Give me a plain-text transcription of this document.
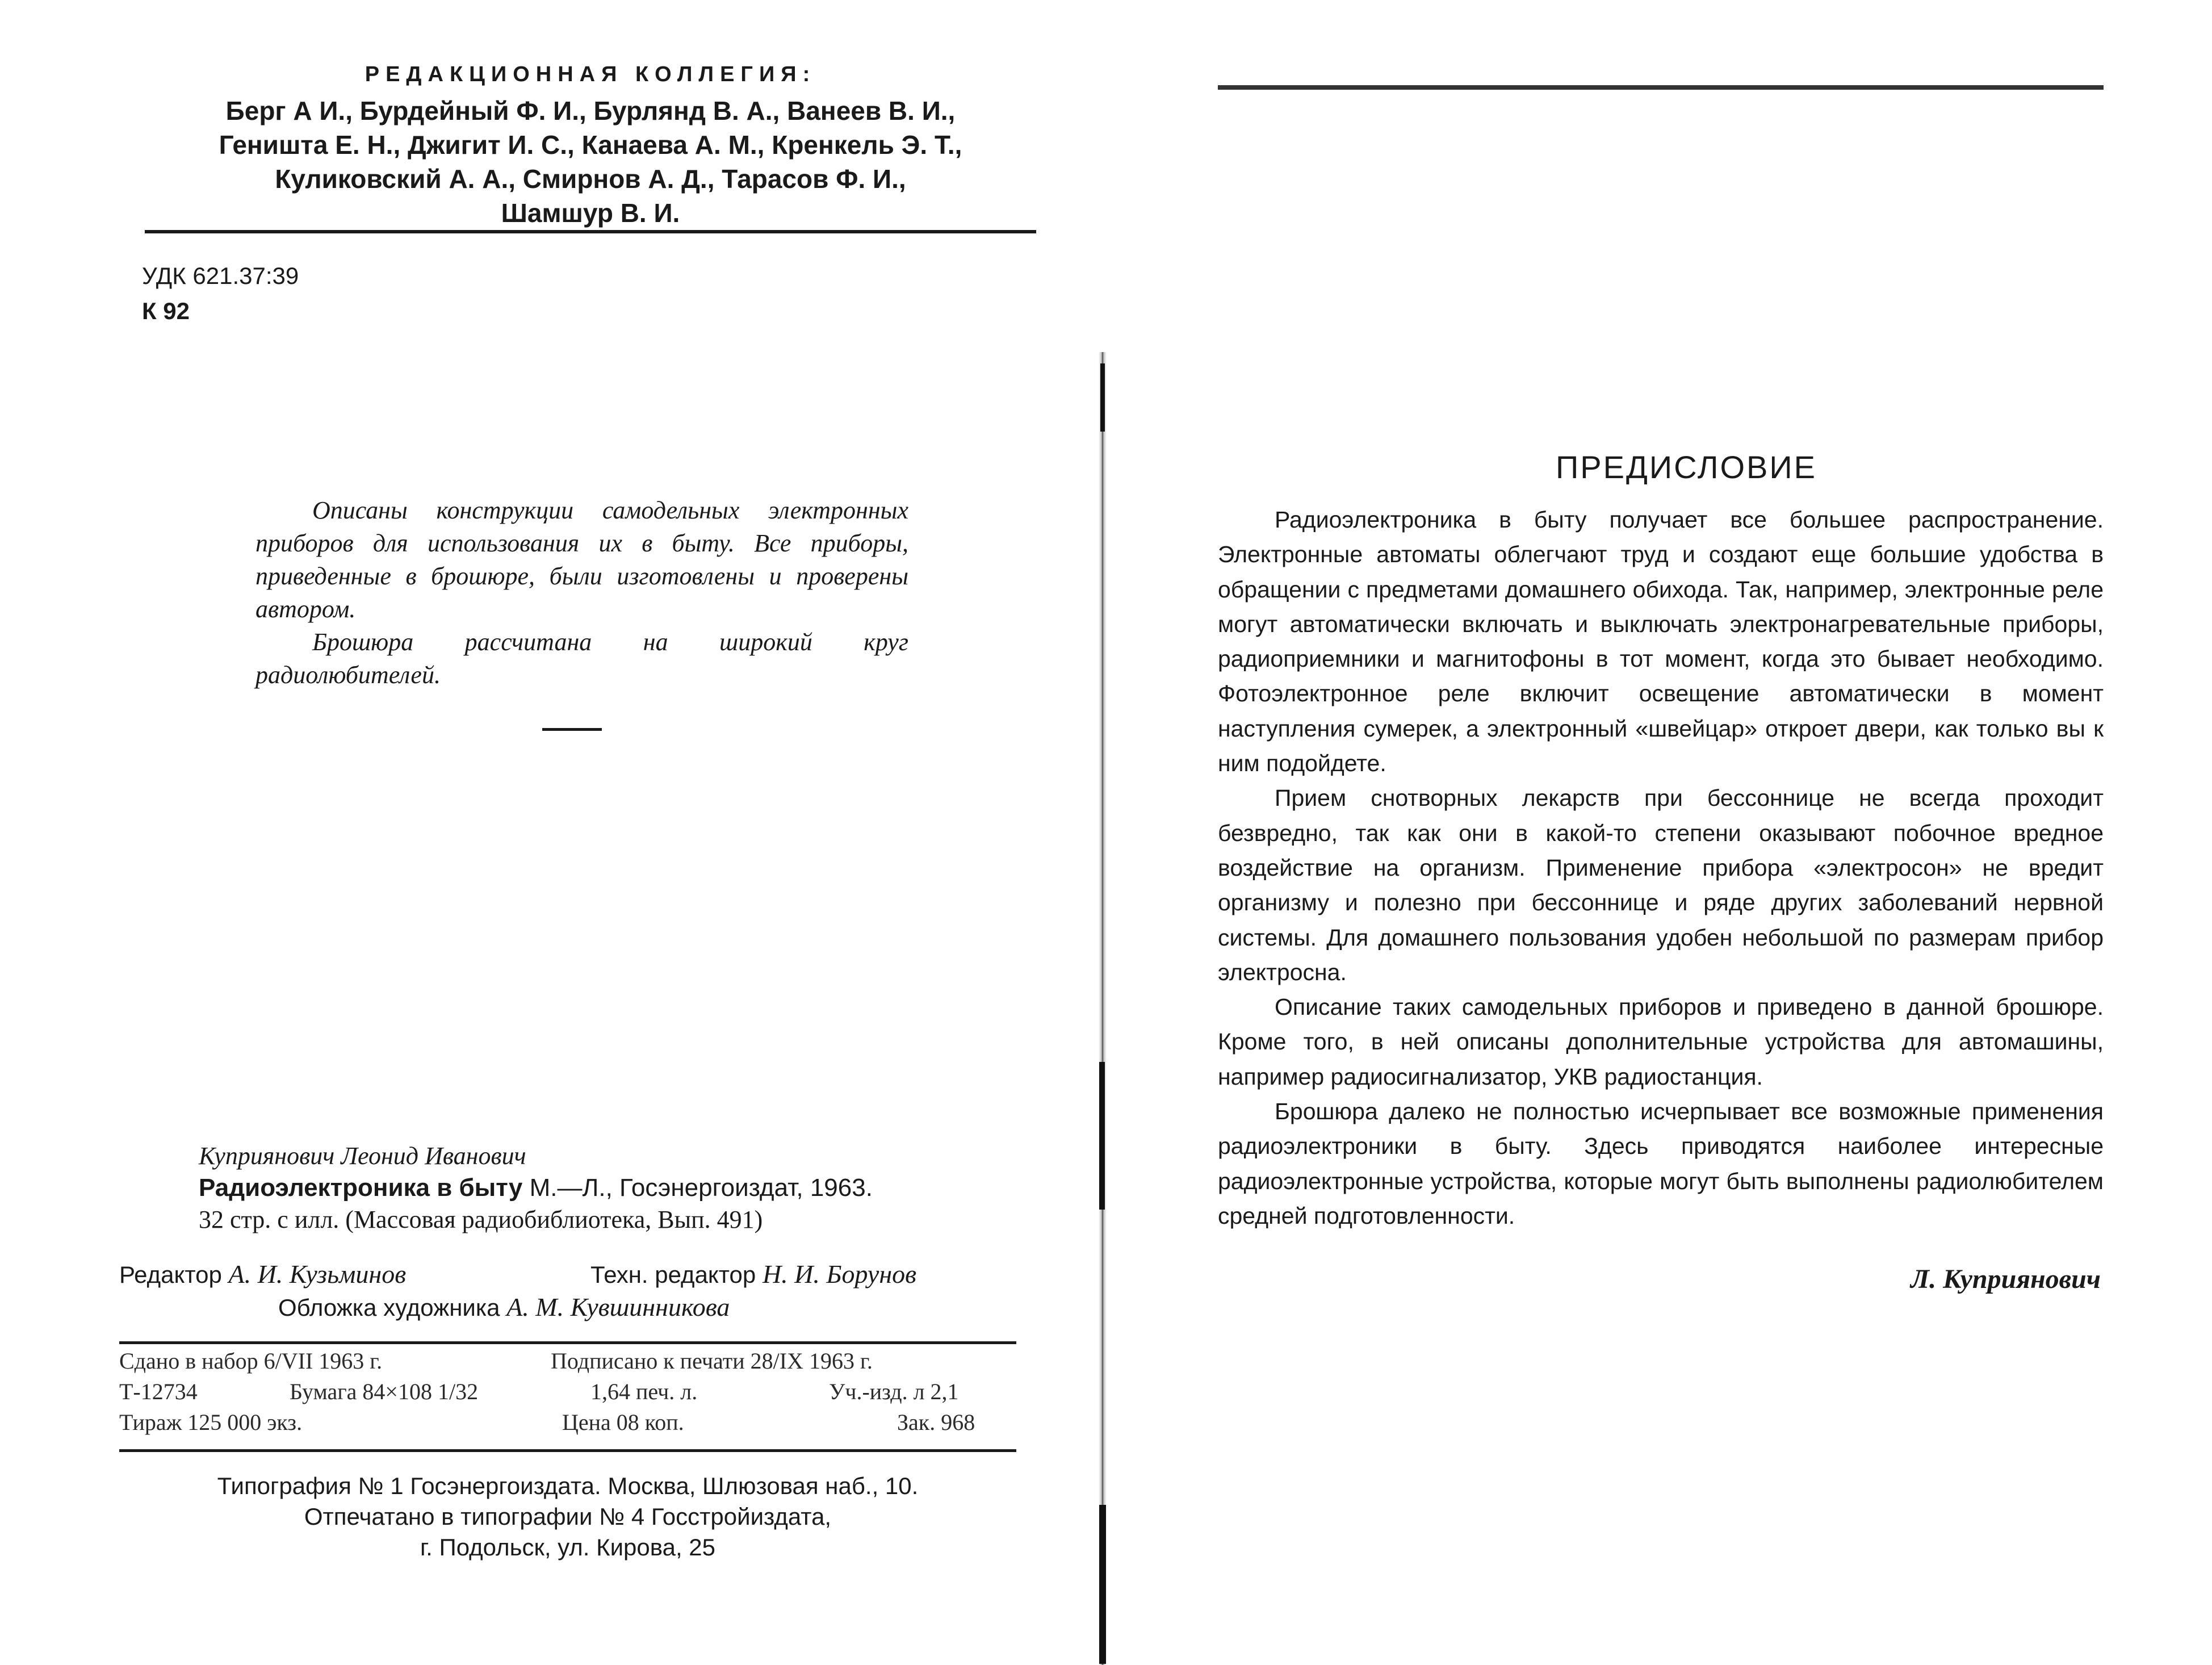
РЕДАКЦИОННАЯ КОЛЛЕГИЯ:
Берг А И., Бурдейный Ф. И., Бурлянд В. А., Ванеев В. И.,
Геништа Е. Н., Джигит И. С., Канаева А. М., Кренкель Э. Т.,
Куликовский А. А., Смирнов А. Д., Тарасов Ф. И.,
Шамшур В. И.
УДК 621.37:39
К 92

Описаны конструкции самодельных электронных приборов для использования их в быту. Все приборы, приведенные в брошюре, были изготовлены и проверены автором.

Брошюра рассчитана на широкий круг радиолюбителей.

Куприянович Леонид Иванович
Радиоэлектроника в быту М.—Л., Госэнергоиздат, 1963.
32 стр. с илл. (Массовая радиобиблиотека, Вып. 491)
Редактор А. И. Кузьминов	Техн. редактор Н. И. Борунов
Обложка художника А. М. Кувшинникова
Сдано в набор 6/VII 1963 г.	Подписано к печати 28/IX 1963 г.
Т-12734	Бумага 84×108 1/32	1,64 печ. л.	Уч.-изд. л 2,1
Тираж 125 000 экз.	Цена 08 коп.	Зак. 968
Типография № 1 Госэнергоиздата. Москва, Шлюзовая наб., 10.
Отпечатано в типографии № 4 Госстройиздата,
г. Подольск, ул. Кирова, 25
ПРЕДИСЛОВИЕ

Радиоэлектроника в быту получает все большее распространение. Электронные автоматы облегчают труд и создают еще большие удобства в обращении с предметами домашнего обихода. Так, например, электронные реле могут автоматически включать и выключать электронагревательные приборы, радиоприемники и магнитофоны в тот момент, когда это бывает необходимо. Фотоэлектронное реле включит освещение автоматически в момент наступления сумерек, а электронный «швейцар» откроет двери, как только вы к ним подойдете.

Прием снотворных лекарств при бессоннице не всегда проходит безвредно, так как они в какой-то степени оказывают побочное вредное воздействие на организм. Применение прибора «электросон» не вредит организму и полезно при бессоннице и ряде других заболеваний нервной системы. Для домашнего пользования удобен небольшой по размерам прибор электросна.

Описание таких самодельных приборов и приведено в данной брошюре. Кроме того, в ней описаны дополнительные устройства для автомашины, например радиосигнализатор, УКВ радиостанция.

Брошюра далеко не полностью исчерпывает все возможные применения радиоэлектроники в быту. Здесь приводятся наиболее интересные радиоэлектронные устройства, которые могут быть выполнены радиолюбителем средней подготовленности.

Л. Куприянович
